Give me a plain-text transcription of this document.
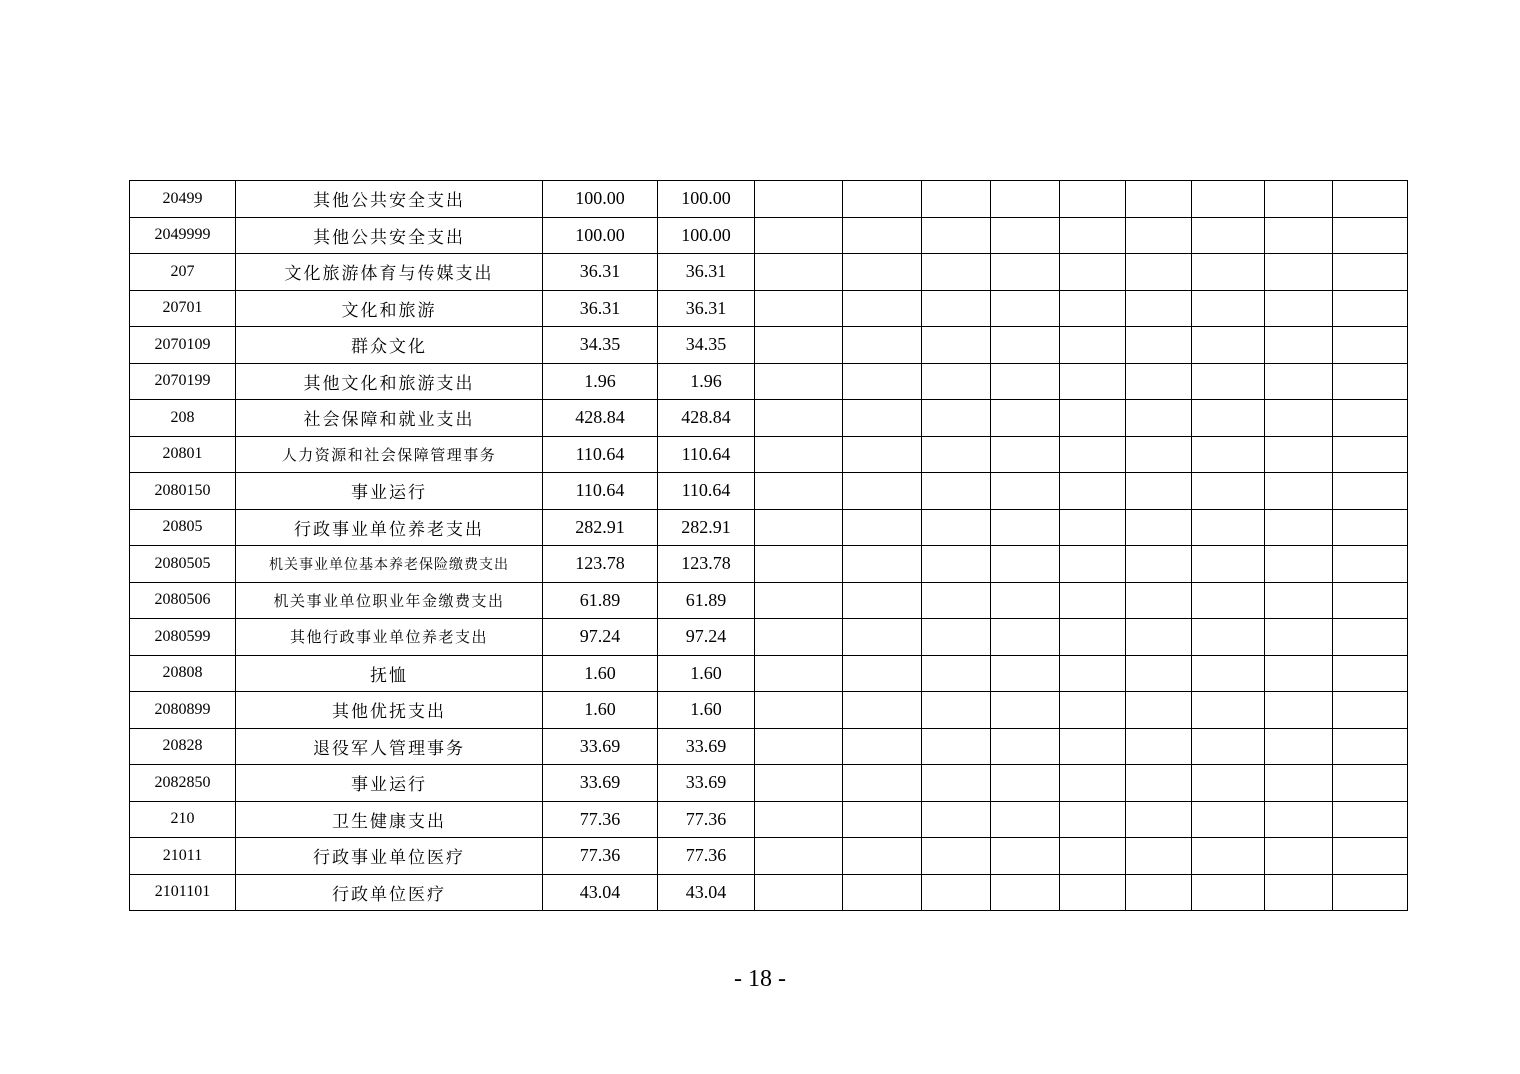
20499	其他公共安全支出	100.00	100.00									
2049999	其他公共安全支出	100.00	100.00									
207	文化旅游体育与传媒支出	36.31	36.31									
20701	文化和旅游	36.31	36.31									
2070109	群众文化	34.35	34.35									
2070199	其他文化和旅游支出	1.96	1.96									
208	社会保障和就业支出	428.84	428.84									
20801	人力资源和社会保障管理事务	110.64	110.64									
2080150	事业运行	110.64	110.64									
20805	行政事业单位养老支出	282.91	282.91									
2080505	机关事业单位基本养老保险缴费支出	123.78	123.78									
2080506	机关事业单位职业年金缴费支出	61.89	61.89									
2080599	其他行政事业单位养老支出	97.24	97.24									
20808	抚恤	1.60	1.60									
2080899	其他优抚支出	1.60	1.60									
20828	退役军人管理事务	33.69	33.69									
2082850	事业运行	33.69	33.69									
210	卫生健康支出	77.36	77.36									
21011	行政事业单位医疗	77.36	77.36									
2101101	行政单位医疗	43.04	43.04									
- 18 -
